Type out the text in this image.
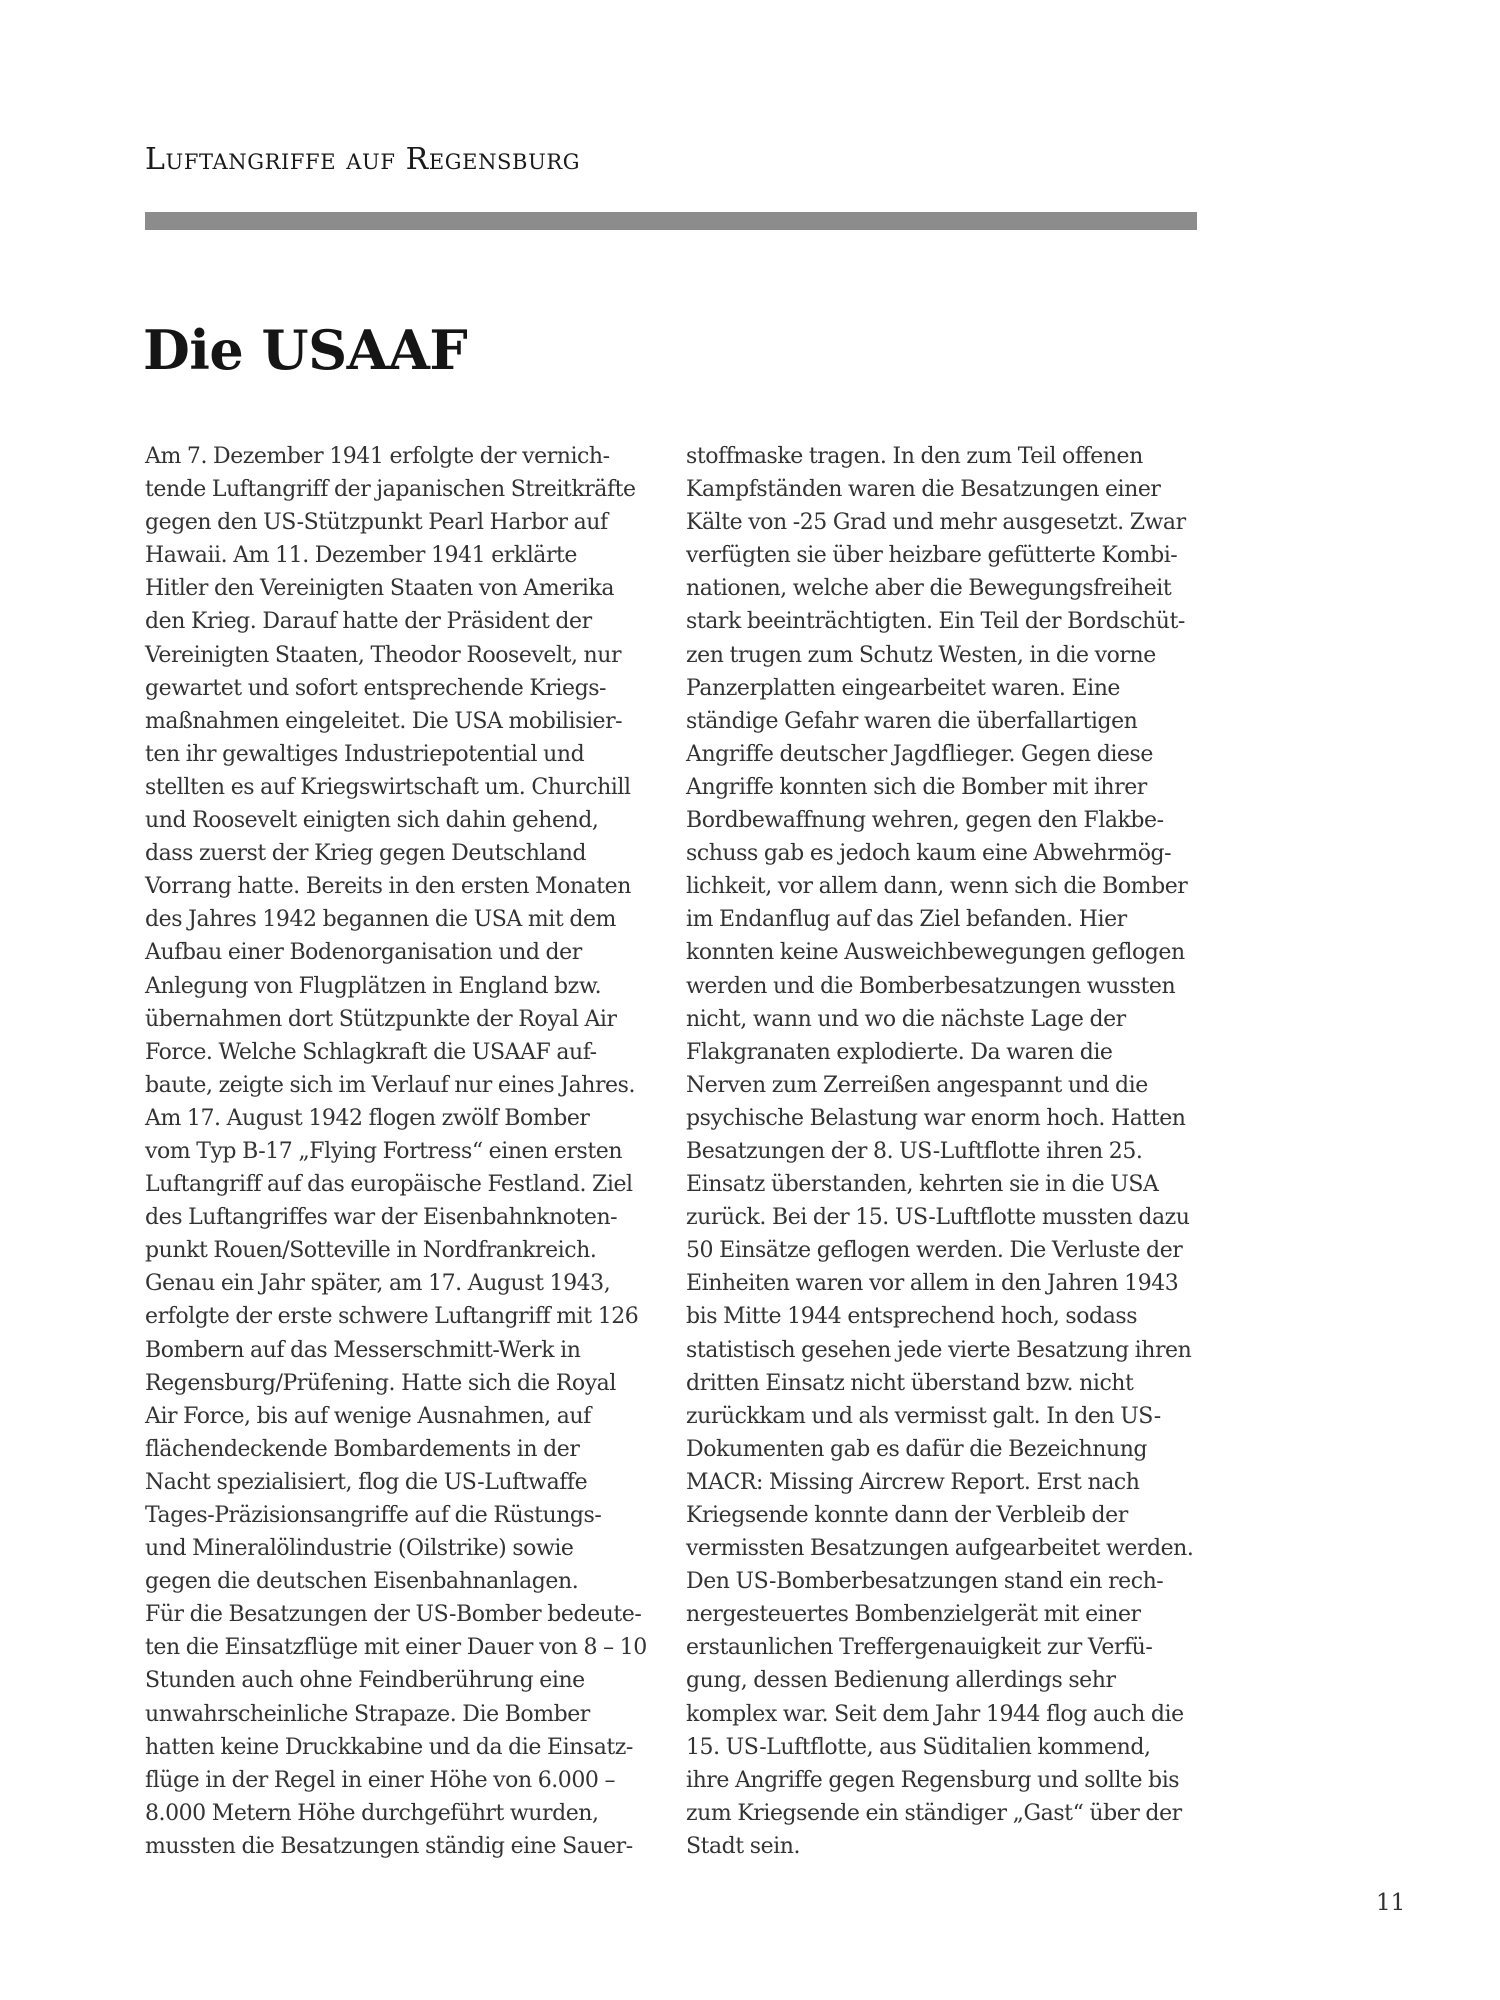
Luftangriffe auf Regensburg
Die USAAF
Am 7. Dezember 1941 erfolgte der vernich-
tende Luftangriff der japanischen Streitkräfte
gegen den US-Stützpunkt Pearl Harbor auf
Hawaii. Am 11. Dezember 1941 erklärte
Hitler den Vereinigten Staaten von Amerika
den Krieg. Darauf hatte der Präsident der
Vereinigten Staaten, Theodor Roosevelt, nur
gewartet und sofort entsprechende Kriegs-
maßnahmen eingeleitet. Die USA mobilisier-
ten ihr gewaltiges Industriepotential und
stellten es auf Kriegswirtschaft um. Churchill
und Roosevelt einigten sich dahin gehend,
dass zuerst der Krieg gegen Deutschland
Vorrang hatte. Bereits in den ersten Monaten
des Jahres 1942 begannen die USA mit dem
Aufbau einer Bodenorganisation und der
Anlegung von Flugplätzen in England bzw.
übernahmen dort Stützpunkte der Royal Air
Force. Welche Schlagkraft die USAAF auf-
baute, zeigte sich im Verlauf nur eines Jahres.
Am 17. August 1942 flogen zwölf Bomber
vom Typ B-17 „Flying Fortress“ einen ersten
Luftangriff auf das europäische Festland. Ziel
des Luftangriffes war der Eisenbahnknoten-
punkt Rouen/Sotteville in Nordfrankreich.
Genau ein Jahr später, am 17. August 1943,
erfolgte der erste schwere Luftangriff mit 126
Bombern auf das Messerschmitt-Werk in
Regensburg/Prüfening. Hatte sich die Royal
Air Force, bis auf wenige Ausnahmen, auf
flächendeckende Bombardements in der
Nacht spezialisiert, flog die US-Luftwaffe
Tages-Präzisionsangriffe auf die Rüstungs-
und Mineralölindustrie (Oilstrike) sowie
gegen die deutschen Eisenbahnanlagen.
Für die Besatzungen der US-Bomber bedeute-
ten die Einsatzflüge mit einer Dauer von 8 – 10
Stunden auch ohne Feindberührung eine
unwahrscheinliche Strapaze. Die Bomber
hatten keine Druckkabine und da die Einsatz-
flüge in der Regel in einer Höhe von 6.000 –
8.000 Metern Höhe durchgeführt wurden,
mussten die Besatzungen ständig eine Sauer-
stoffmaske tragen. In den zum Teil offenen
Kampfständen waren die Besatzungen einer
Kälte von -25 Grad und mehr ausgesetzt. Zwar
verfügten sie über heizbare gefütterte Kombi-
nationen, welche aber die Bewegungsfreiheit
stark beeinträchtigten. Ein Teil der Bordschüt-
zen trugen zum Schutz Westen, in die vorne
Panzerplatten eingearbeitet waren. Eine
ständige Gefahr waren die überfallartigen
Angriffe deutscher Jagdflieger. Gegen diese
Angriffe konnten sich die Bomber mit ihrer
Bordbewaffnung wehren, gegen den Flakbe-
schuss gab es jedoch kaum eine Abwehrmög-
lichkeit, vor allem dann, wenn sich die Bomber
im Endanflug auf das Ziel befanden. Hier
konnten keine Ausweichbewegungen geflogen
werden und die Bomberbesatzungen wussten
nicht, wann und wo die nächste Lage der
Flakgranaten explodierte. Da waren die
Nerven zum Zerreißen angespannt und die
psychische Belastung war enorm hoch. Hatten
Besatzungen der 8. US-Luftflotte ihren 25.
Einsatz überstanden, kehrten sie in die USA
zurück. Bei der 15. US-Luftflotte mussten dazu
50 Einsätze geflogen werden. Die Verluste der
Einheiten waren vor allem in den Jahren 1943
bis Mitte 1944 entsprechend hoch, sodass
statistisch gesehen jede vierte Besatzung ihren
dritten Einsatz nicht überstand bzw. nicht
zurückkam und als vermisst galt. In den US-
Dokumenten gab es dafür die Bezeichnung
MACR: Missing Aircrew Report. Erst nach
Kriegsende konnte dann der Verbleib der
vermissten Besatzungen aufgearbeitet werden.
Den US-Bomberbesatzungen stand ein rech-
nergesteuertes Bombenzielgerät mit einer
erstaunlichen Treffergenauigkeit zur Verfü-
gung, dessen Bedienung allerdings sehr
komplex war. Seit dem Jahr 1944 flog auch die
15. US-Luftflotte, aus Süditalien kommend,
ihre Angriffe gegen Regensburg und sollte bis
zum Kriegsende ein ständiger „Gast“ über der
Stadt sein.
11
